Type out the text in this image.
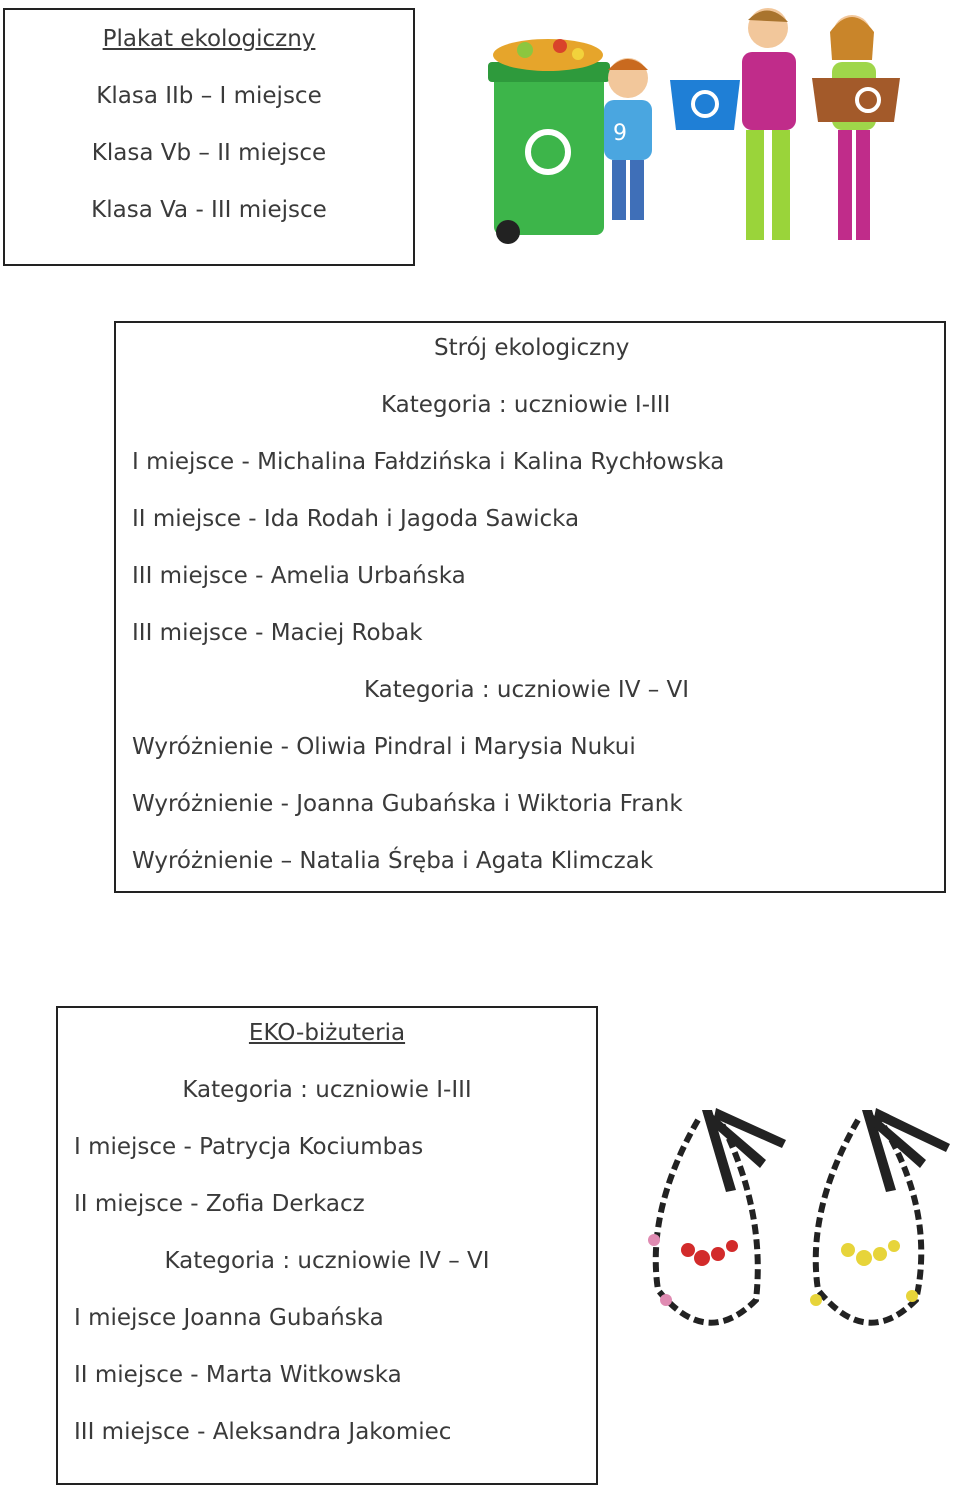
Plakat ekologiczny
Klasa IIb – I miejsce
Klasa Vb – II miejsce
Klasa Va - III miejsce
9
Strój ekologiczny
Kategoria : uczniowie I-III
I miejsce - Michalina Fałdzińska i Kalina Rychłowska
II miejsce - Ida Rodah i Jagoda Sawicka
III miejsce - Amelia Urbańska
III miejsce - Maciej Robak
Kategoria : uczniowie IV – VI
Wyróżnienie - Oliwia Pindral i Marysia Nukui
Wyróżnienie - Joanna Gubańska i Wiktoria Frank
Wyróżnienie – Natalia Śręba i Agata Klimczak
EKO-biżuteria
Kategoria : uczniowie I-III
I miejsce - Patrycja Kociumbas
II miejsce - Zofia Derkacz
Kategoria : uczniowie IV – VI
I miejsce Joanna Gubańska
II miejsce - Marta Witkowska
III miejsce - Aleksandra Jakomiec
